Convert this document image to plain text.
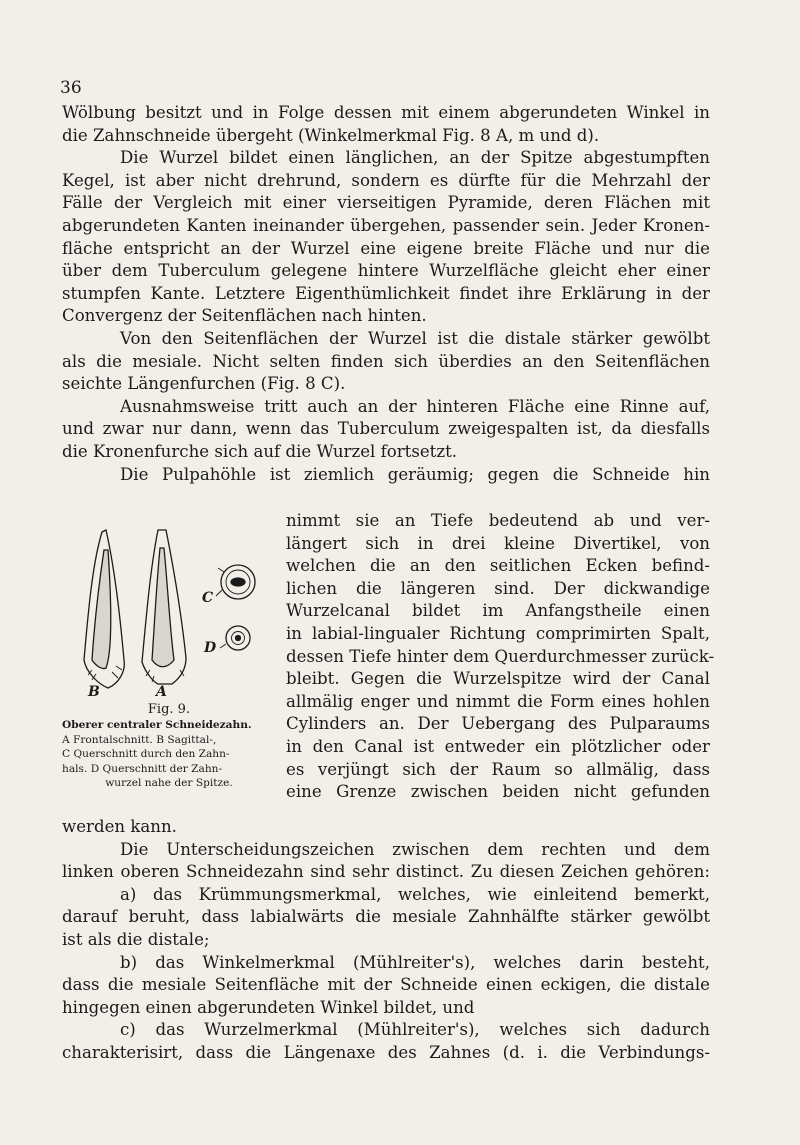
36
Wölbung besitzt und in Folge dessen mit einem abgerundeten Winkel in
die Zahnschneide übergeht (Winkelmerkmal Fig. 8 A, m und d).
Die Wurzel bildet einen länglichen, an der Spitze abgestumpften
Kegel, ist aber nicht drehrund, sondern es dürfte für die Mehrzahl der
Fälle der Vergleich mit einer vierseitigen Pyramide, deren Flächen mit
abgerundeten Kanten ineinander übergehen, passender sein. Jeder Kronen-
fläche entspricht an der Wurzel eine eigene breite Fläche und nur die
über dem Tuberculum gelegene hintere Wurzelfläche gleicht eher einer
stumpfen Kante. Letztere Eigenthümlichkeit findet ihre Erklärung in der
Convergenz der Seitenflächen nach hinten.
Von den Seitenflächen der Wurzel ist die distale stärker gewölbt
als die mesiale. Nicht selten finden sich überdies an den Seitenflächen
seichte Längenfurchen (Fig. 8 C).
Ausnahmsweise tritt auch an der hinteren Fläche eine Rinne auf,
und zwar nur dann, wenn das Tuberculum zweigespalten ist, da diesfalls
die Kronenfurche sich auf die Wurzel fortsetzt.
Die Pulpahöhle ist ziemlich geräumig; gegen die Schneide hin
B	A
C
D
Fig. 9.
Oberer centraler Schneidezahn.
A Frontalschnitt. B Sagittal-,
C Querschnitt durch den Zahn-
hals. D Querschnitt der Zahn-
wurzel nahe der Spitze.
nimmt sie an Tiefe bedeutend ab und ver-
längert sich in drei kleine Divertikel, von
welchen die an den seitlichen Ecken befind-
lichen die längeren sind. Der dickwandige
Wurzelcanal bildet im Anfangstheile einen
in labial-lingualer Richtung comprimirten Spalt,
dessen Tiefe hinter dem Querdurchmesser zurück-
bleibt. Gegen die Wurzelspitze wird der Canal
allmälig enger und nimmt die Form eines hohlen
Cylinders an. Der Uebergang des Pulparaums
in den Canal ist entweder ein plötzlicher oder
es verjüngt sich der Raum so allmälig, dass
eine Grenze zwischen beiden nicht gefunden
werden kann.
Die Unterscheidungszeichen zwischen dem rechten und dem
linken oberen Schneidezahn sind sehr distinct. Zu diesen Zeichen gehören:
a) das Krümmungsmerkmal, welches, wie einleitend bemerkt,
darauf beruht, dass labialwärts die mesiale Zahnhälfte stärker gewölbt
ist als die distale;
b) das Winkelmerkmal (Mühlreiter's), welches darin besteht,
dass die mesiale Seitenfläche mit der Schneide einen eckigen, die distale
hingegen einen abgerundeten Winkel bildet, und
c) das Wurzelmerkmal (Mühlreiter's), welches sich dadurch
charakterisirt, dass die Längenaxe des Zahnes (d. i. die Verbindungs-
